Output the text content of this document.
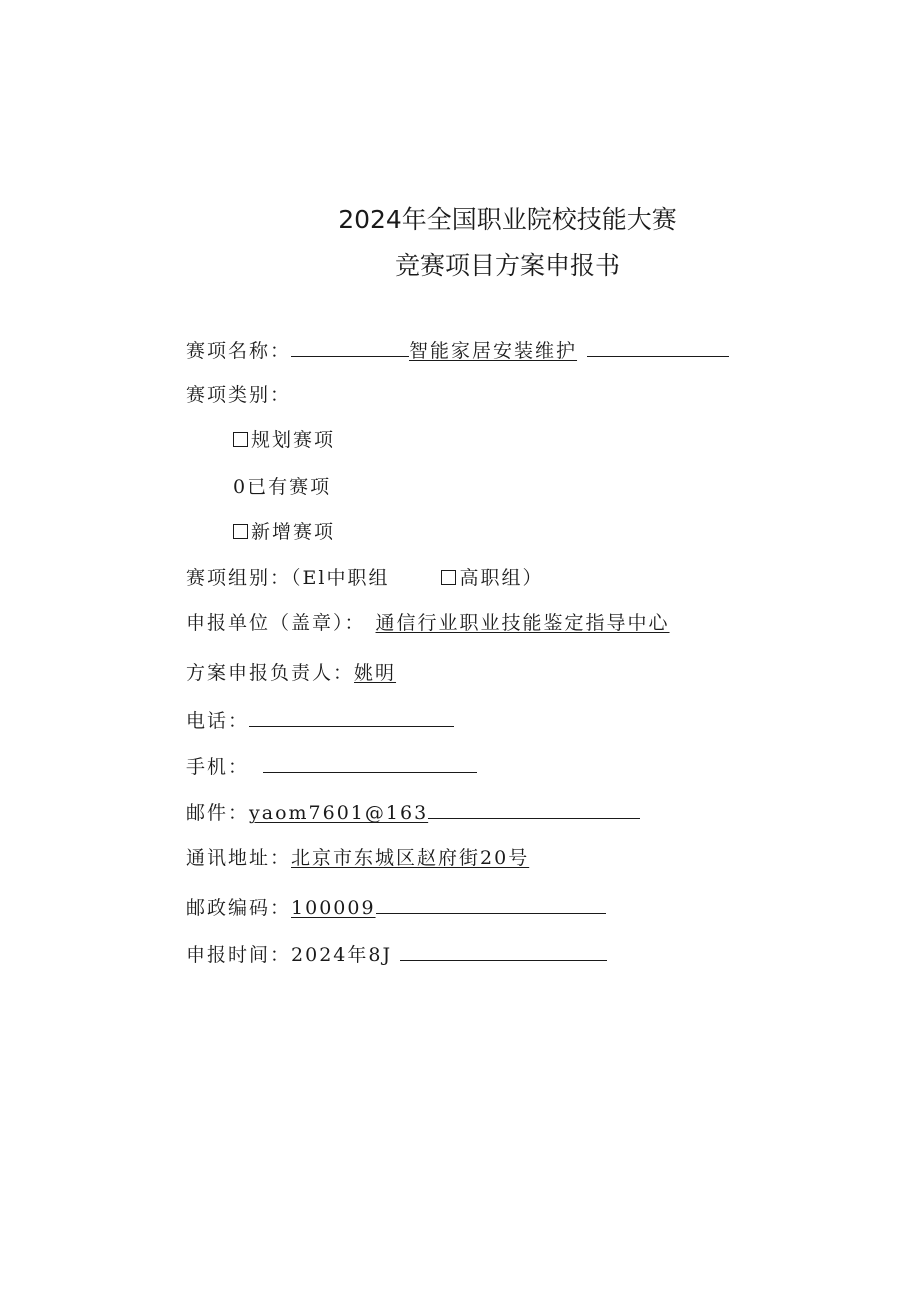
2024年全国职业院校技能大赛
竞赛项目方案申报书
赛项名称：	智能家居安装维护
赛项类别：
规划赛项
0已有赛项
新增赛项
赛项组别：（El中职组	高职组）
申报单位（盖章）： 通信行业职业技能鉴定指导中心
方案申报负责人：姚明
电话：
手机：
邮件：yaom7601@163
通讯地址：北京市东城区赵府街20号
邮政编码：100009
申报时间：2024年8J
